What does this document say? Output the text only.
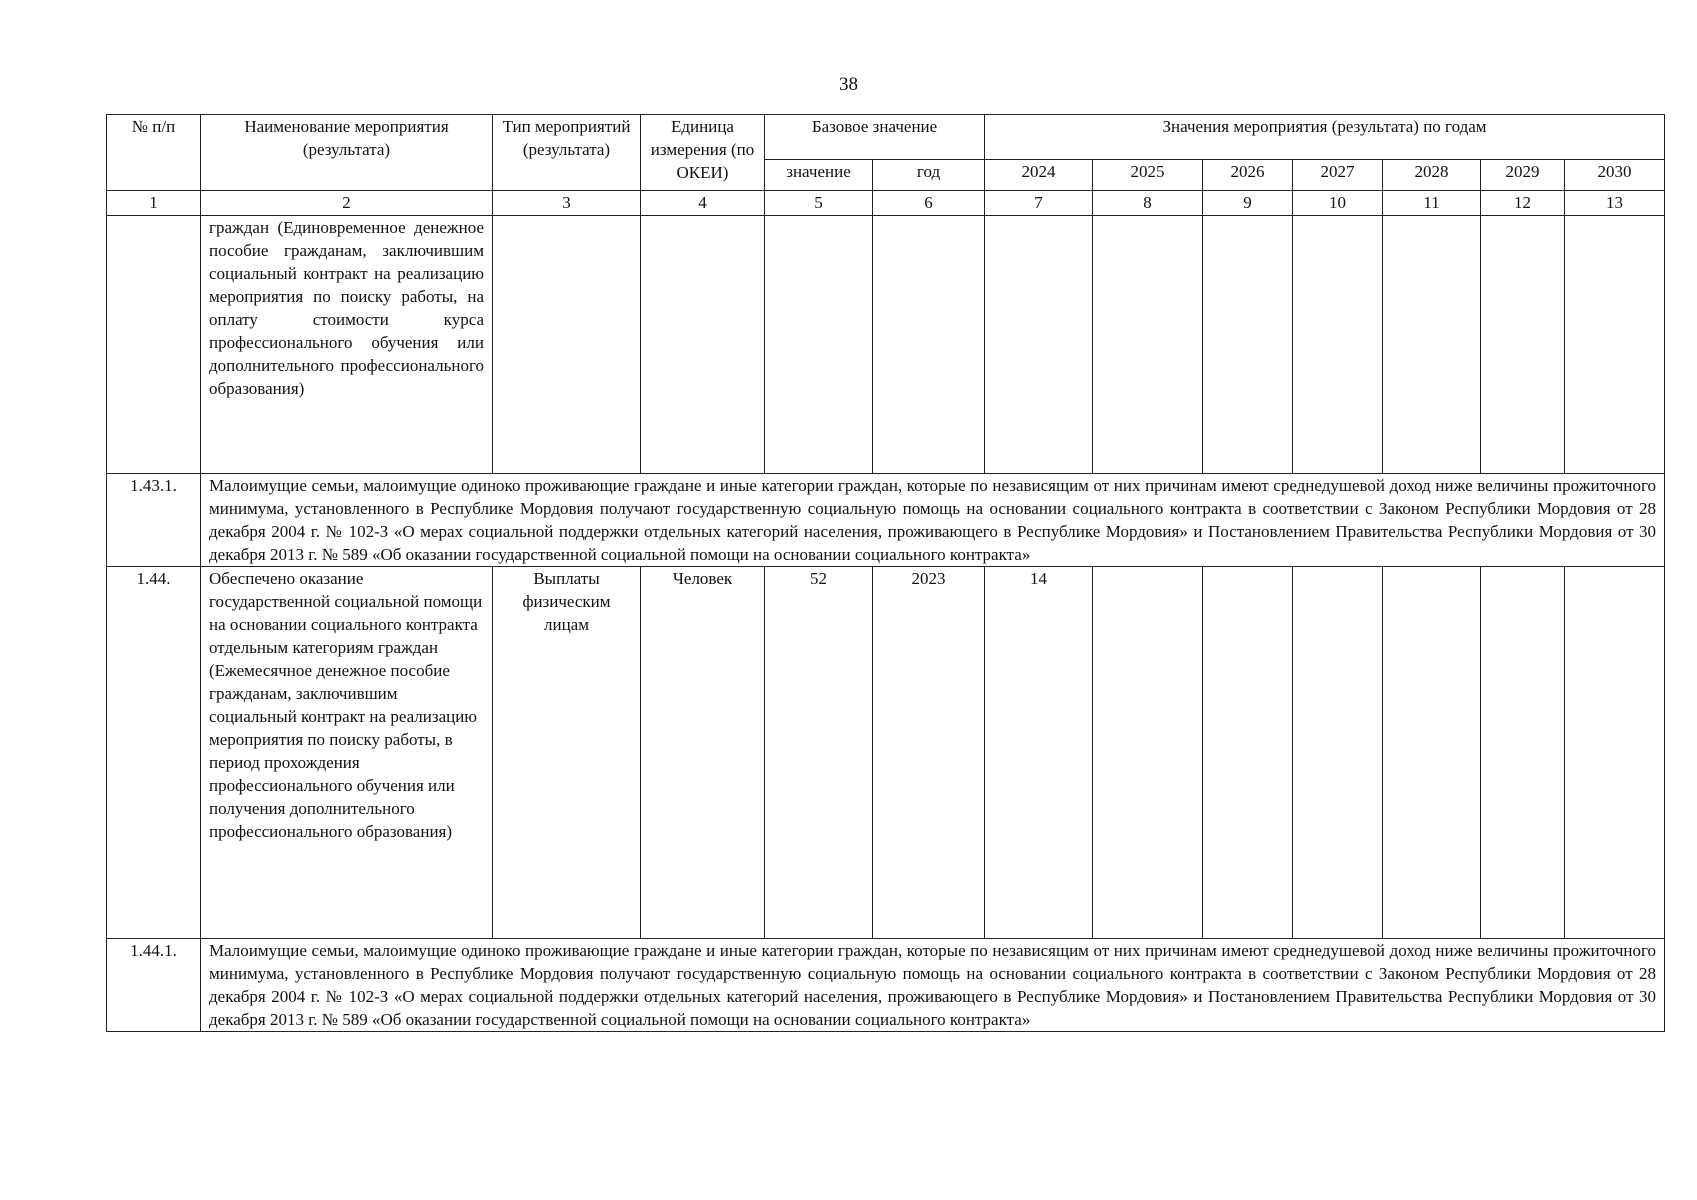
38
№ п/п	Наименование мероприятия (результата)	Тип мероприятий (результата)	Единица измерения (по ОКЕИ)	Базовое значение		Значения мероприятия (результата) по годам						
				значение	год	2024	2025	2026	2027	2028	2029	2030
1	2	3	4	5	6	7	8	9	10	11	12	13
	граждан (Единовременное денежное пособие гражданам, заключившим социальный контракт на реализацию мероприятия по поиску работы, на оплату стоимости курса профессионального обучения или дополнительного профессионального образования)											
1.43.1.	Малоимущие семьи, малоимущие одиноко проживающие граждане и иные категории граждан, которые по независящим от них причинам имеют среднедушевой доход ниже величины прожиточного минимума, установленного в Республике Мордовия получают государственную социальную помощь на основании социального контракта в соответствии с Законом Республики Мордовия от 28 декабря 2004 г. № 102-З «О мерах социальной поддержки отдельных категорий населения, проживающего в Республике Мордовия» и Постановлением Правительства Республики Мордовия от 30 декабря 2013 г. № 589 «Об оказании государственной социальной помощи на основании социального контракта»											
1.44.	Обеспечено оказание государственной социальной помощи на основании социального контракта отдельным категориям граждан (Ежемесячное денежное пособие гражданам, заключившим социальный контракт на реализацию мероприятия по поиску работы, в период прохождения профессионального обучения или получения дополнительного профессионального образования)	Выплаты физическим лицам	Человек	52	2023	14						
1.44.1.	Малоимущие семьи, малоимущие одиноко проживающие граждане и иные категории граждан, которые по независящим от них причинам имеют среднедушевой доход ниже величины прожиточного минимума, установленного в Республике Мордовия получают государственную социальную помощь на основании социального контракта в соответствии с Законом Республики Мордовия от 28 декабря 2004 г. № 102-З «О мерах социальной поддержки отдельных категорий населения, проживающего в Республике Мордовия» и Постановлением Правительства Республики Мордовия от 30 декабря 2013 г. № 589 «Об оказании государственной социальной помощи на основании социального контракта»											
